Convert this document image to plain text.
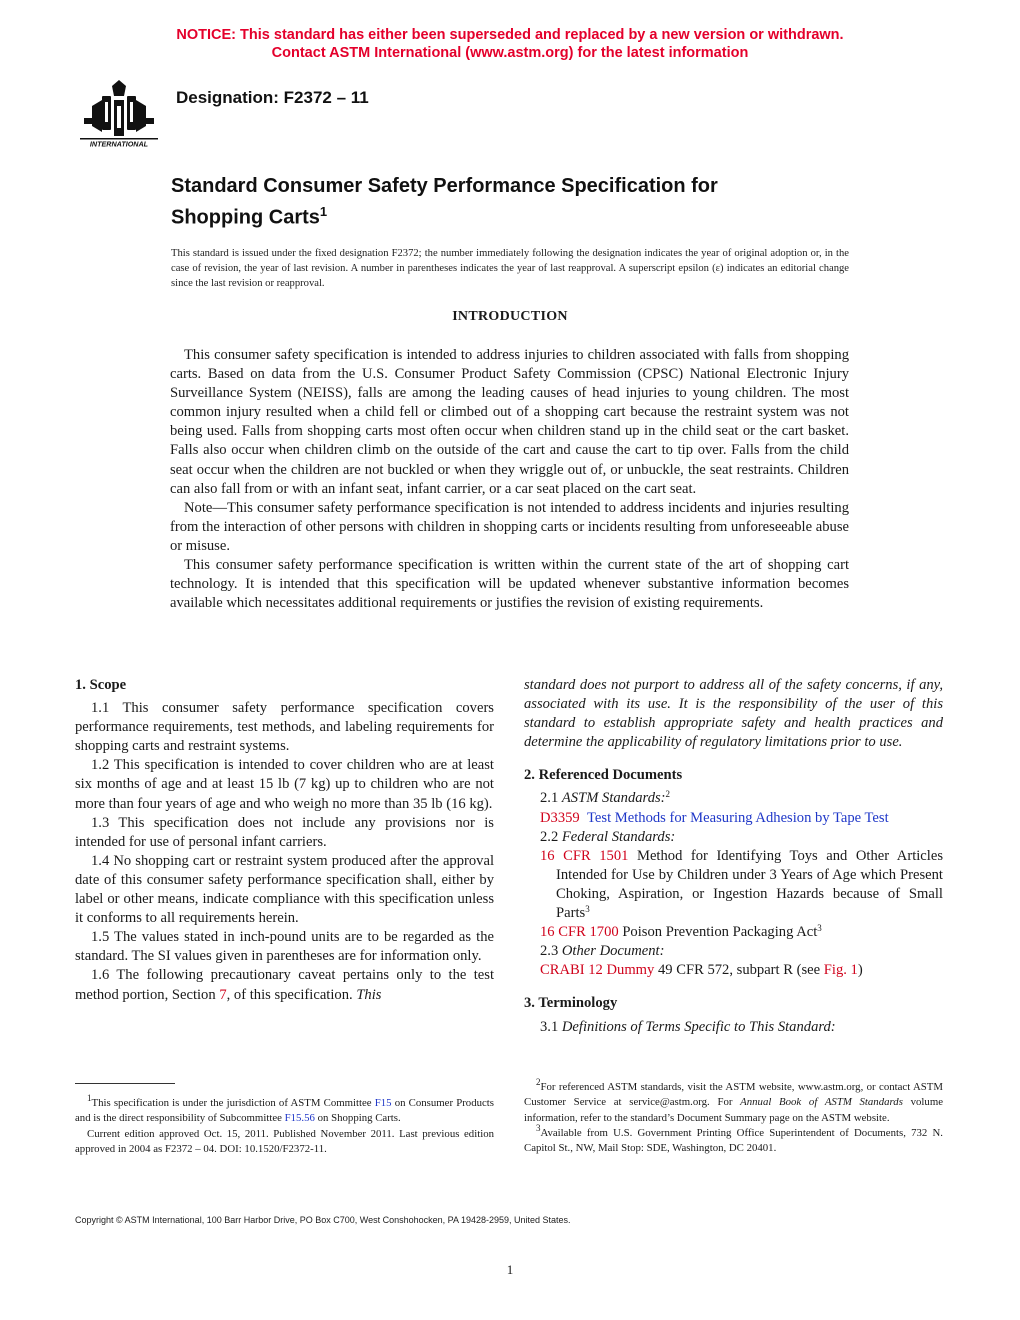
NOTICE: This standard has either been superseded and replaced by a new version or withdrawn.
Contact ASTM International (www.astm.org) for the latest information
INTERNATIONAL
Designation: F2372 – 11
Standard Consumer Safety Performance Specification for
Shopping Carts$^1$
This standard is issued under the fixed designation F2372; the number immediately following the designation indicates the year of original adoption or, in the case of revision, the year of last revision. A number in parentheses indicates the year of last reapproval. A superscript epsilon (ε) indicates an editorial change since the last revision or reapproval.
INTRODUCTION

This consumer safety specification is intended to address injuries to children associated with falls from shopping carts. Based on data from the U.S. Consumer Product Safety Commission (CPSC) National Electronic Injury Surveillance System (NEISS), falls are among the leading causes of head injuries to young children. The most common injury resulted when a child fell or climbed out of a shopping cart because the restraint system was not being used. Falls from shopping carts most often occur when children stand up in the child seat or the cart basket. Falls also occur when children climb on the outside of the cart and cause the cart to tip over. Falls from the child seat occur when the children are not buckled or when they wriggle out of, or unbuckle, the seat restraints. Children can also fall from or with an infant seat, infant carrier, or a car seat placed on the cart seat.

Note—This consumer safety performance specification is not intended to address incidents and injuries resulting from the interaction of other persons with children in shopping carts or incidents resulting from unforeseeable abuse or misuse.

This consumer safety performance specification is written within the current state of the art of shopping cart technology. It is intended that this specification will be updated whenever substantive information becomes available which necessitates additional requirements or justifies the revision of existing requirements.

1. Scope

1.1 This consumer safety performance specification covers performance requirements, test methods, and labeling requirements for shopping carts and restraint systems.

1.2 This specification is intended to cover children who are at least six months of age and at least 15 lb (7 kg) up to children who are not more than four years of age and who weigh no more than 35 lb (16 kg).

1.3 This specification does not include any provisions nor is intended for use of personal infant carriers.

1.4 No shopping cart or restraint system produced after the approval date of this consumer safety performance specification shall, either by label or other means, indicate compliance with this specification unless it conforms to all requirements herein.

1.5 The values stated in inch-pound units are to be regarded as the standard. The SI values given in parentheses are for information only.

1.6 The following precautionary caveat pertains only to the test method portion, Section 7, of this specification. This

standard does not purport to address all of the safety concerns, if any, associated with its use. It is the responsibility of the user of this standard to establish appropriate safety and health practices and determine the applicability of regulatory limitations prior to use.

2. Referenced Documents

2.1 ASTM Standards:$^2$

D3359 Test Methods for Measuring Adhesion by Tape Test

2.2 Federal Standards:

16 CFR 1501 Method for Identifying Toys and Other Articles Intended for Use by Children under 3 Years of Age which Present Choking, Aspiration, or Ingestion Hazards because of Small Parts$^3$

16 CFR 1700 Poison Prevention Packaging Act$^3$

2.3 Other Document:

CRABI 12 Dummy 49 CFR 572, subpart R (see Fig. 1)

3. Terminology

3.1 Definitions of Terms Specific to This Standard:

$^1$This specification is under the jurisdiction of ASTM Committee F15 on Consumer Products and is the direct responsibility of Subcommittee F15.56 on Shopping Carts.

Current edition approved Oct. 15, 2011. Published November 2011. Last previous edition approved in 2004 as F2372 – 04. DOI: 10.1520/F2372-11.

$^2$For referenced ASTM standards, visit the ASTM website, www.astm.org, or contact ASTM Customer Service at service@astm.org. For Annual Book of ASTM Standards volume information, refer to the standard’s Document Summary page on the ASTM website.

$^3$Available from U.S. Government Printing Office Superintendent of Documents, 732 N. Capitol St., NW, Mail Stop: SDE, Washington, DC 20401.

Copyright © ASTM International, 100 Barr Harbor Drive, PO Box C700, West Conshohocken, PA 19428-2959, United States.
1
